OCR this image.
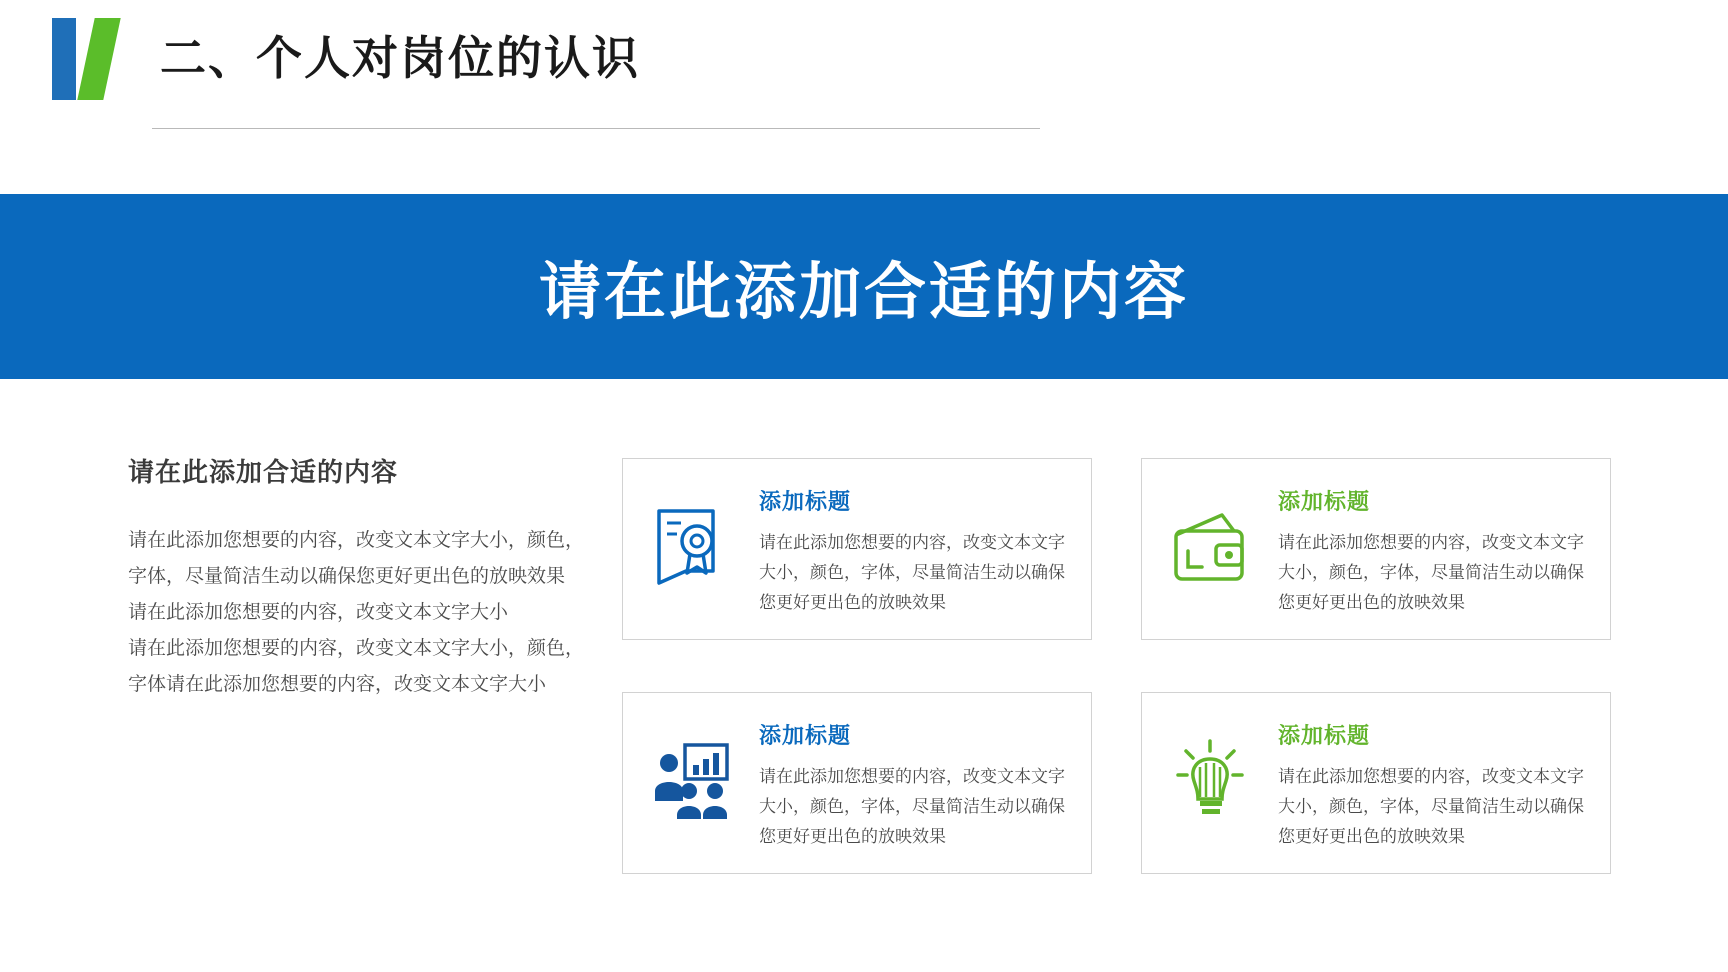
二、个人对岗位的认识
请在此添加合适的内容
请在此添加合适的内容

请在此添加您想要的内容，改变文本文字大小，颜色，字体，尽量简洁生动以确保您更好更出色的放映效果

请在此添加您想要的内容，改变文本文字大小

请在此添加您想要的内容，改变文本文字大小，颜色，字体请在此添加您想要的内容，改变文本文字大小

添加标题
请在此添加您想要的内容，改变文本文字大小，颜色，字体，尽量简洁生动以确保您更好更出色的放映效果
添加标题
请在此添加您想要的内容，改变文本文字大小，颜色，字体，尽量简洁生动以确保您更好更出色的放映效果
添加标题
请在此添加您想要的内容，改变文本文字大小，颜色，字体，尽量简洁生动以确保您更好更出色的放映效果
添加标题
请在此添加您想要的内容，改变文本文字大小，颜色，字体，尽量简洁生动以确保您更好更出色的放映效果
